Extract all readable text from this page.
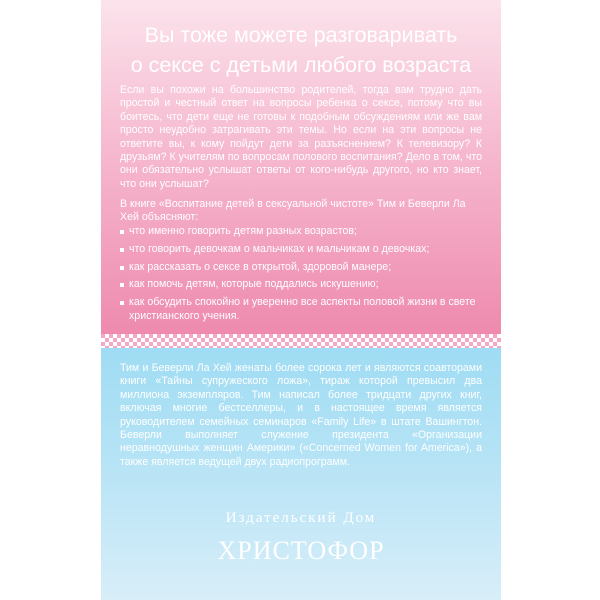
Вы тоже можете разговаривать
о сексе с детьми любого возраста

Если вы похожи на большинство родителей, тогда вам трудно дать простой и честный ответ на вопросы ребенка о сексе, потому что вы боитесь, что дети еще не готовы к подобным обсуждениям или же вам просто неудобно затрагивать эти темы. Но если на эти вопросы не ответите вы, к кому пойдут дети за разъяснением? К телевизору? К друзьям? К учителям по вопросам полового воспитания? Дело в том, что они обязательно услышат ответы от кого-нибудь другого, но кто знает, что они услышат?

В книге «Воспитание детей в сексуальной чистоте» Тим и Беверли Ла Хей объясняют:

что именно говорить детям разных возрастов;
что говорить девочкам о мальчиках и мальчикам о девочках;
как рассказать о сексе в открытой, здоровой манере;
как помочь детям, которые поддались искушению;
как обсудить спокойно и уверенно все аспекты половой жизни в свете христианского учения.

Тим и Беверли Ла Хей женаты более сорока лет и являются соавторами книги «Тайны супружеского ложа», тираж которой превысил два миллиона экземпляров. Тим написал более тридцати других книг, включая многие бестселлеры, и в настоящее время является руководителем семейных семинаров «Family Life» в штате Вашингтон. Беверли выполняет служение президента «Организации неравнодушных женщин Америки» («Concerned Women for America»), а также является ведущей двух радиопрограмм.

Издательский Дом
ХРИСТОФОР
